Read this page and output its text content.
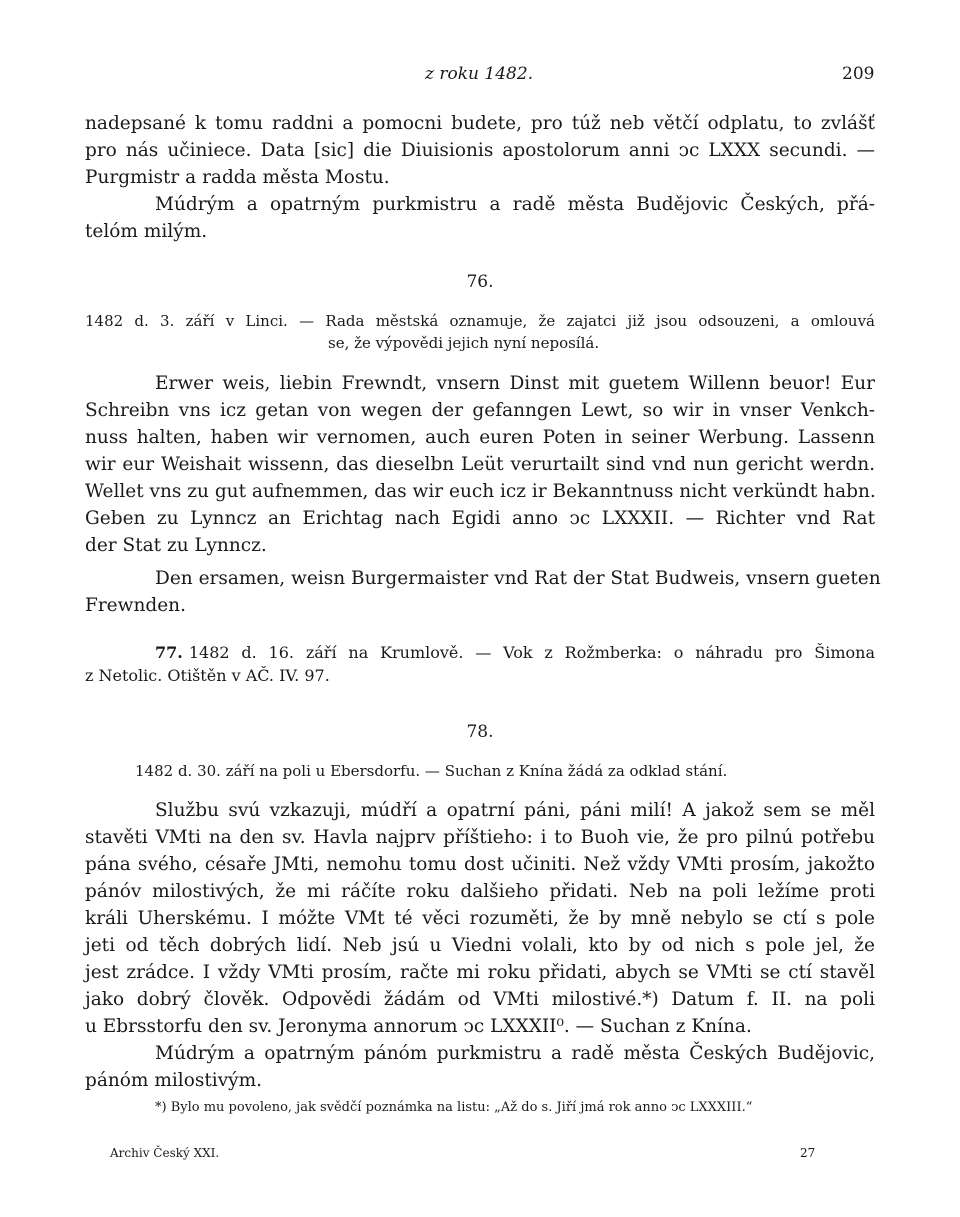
z roku 1482.	209
nadepsané k tomu raddni a pomocni budete, pro túž neb větčí odplatu, to zvlášť
pro nás učiniece. Data [sic] die Diuisionis apostolorum anni ↄc LXXX secundi. —
Purgmistr a radda města Mostu.
Múdrým a opatrným purkmistru a radě města Budějovic Českých, přá-
telóm milým.
76.
1482 d. 3. září v Linci. — Rada městská oznamuje, že zajatci již jsou odsouzeni, a omlouvá
se, že výpovědi jejich nyní neposílá.
Erwer weis, liebin Frewndt, vnsern Dinst mit guetem Willenn beuor! Eur
Schreibn vns icz getan von wegen der gefanngen Lewt, so wir in vnser Venkch-
nuss halten, haben wir vernomen, auch euren Poten in seiner Werbung. Lassenn
wir eur Weishait wissenn, das dieselbn Leüt verurtailt sind vnd nun gericht werdn.
Wellet vns zu gut aufnemmen, das wir euch icz ir Bekanntnuss nicht verkündt habn.
Geben zu Lynncz an Erichtag nach Egidi anno ↄc LXXXII. — Richter vnd Rat
der Stat zu Lynncz.
Den ersamen, weisn Burgermaister vnd Rat der Stat Budweis, vnsern gueten
Frewnden.
77. 1482 d. 16. září na Krumlově. — Vok z Rožmberka: o náhradu pro Šimona
z Netolic. Otištěn v AČ. IV. 97.
78.
1482 d. 30. září na poli u Ebersdorfu. — Suchan z Knína žádá za odklad stání.
Službu svú vzkazuji, múdří a opatrní páni, páni milí! A jakož sem se měl
stavěti VMti na den sv. Havla najprv příštieho: i to Buoh vie, že pro pilnú potřebu
pána svého, césaře JMti, nemohu tomu dost učiniti. Než vždy VMti prosím, jakožto
pánóv milostivých, že mi ráčíte roku dalšieho přidati. Neb na poli ležíme proti
králi Uherskému. I móžte VMt té věci rozuměti, že by mně nebylo se ctí s pole
jeti od těch dobrých lidí. Neb jsú u Viedni volali, kto by od nich s pole jel, že
jest zrádce. I vždy VMti prosím, račte mi roku přidati, abych se VMti se ctí stavěl
jako dobrý člověk. Odpovědi žádám od VMti milostivé.*) Datum f. II. na poli
u Ebrsstorfu den sv. Jeronyma annorum ↄc LXXXII⁰. — Suchan z Knína.
Múdrým a opatrným pánóm purkmistru a radě města Českých Budějovic,
pánóm milostivým.
*) Bylo mu povoleno, jak svědčí poznámka na listu: „Až do s. Jiří jmá rok anno ↄc LXXXIII.“
Archiv Český XXI.	27
